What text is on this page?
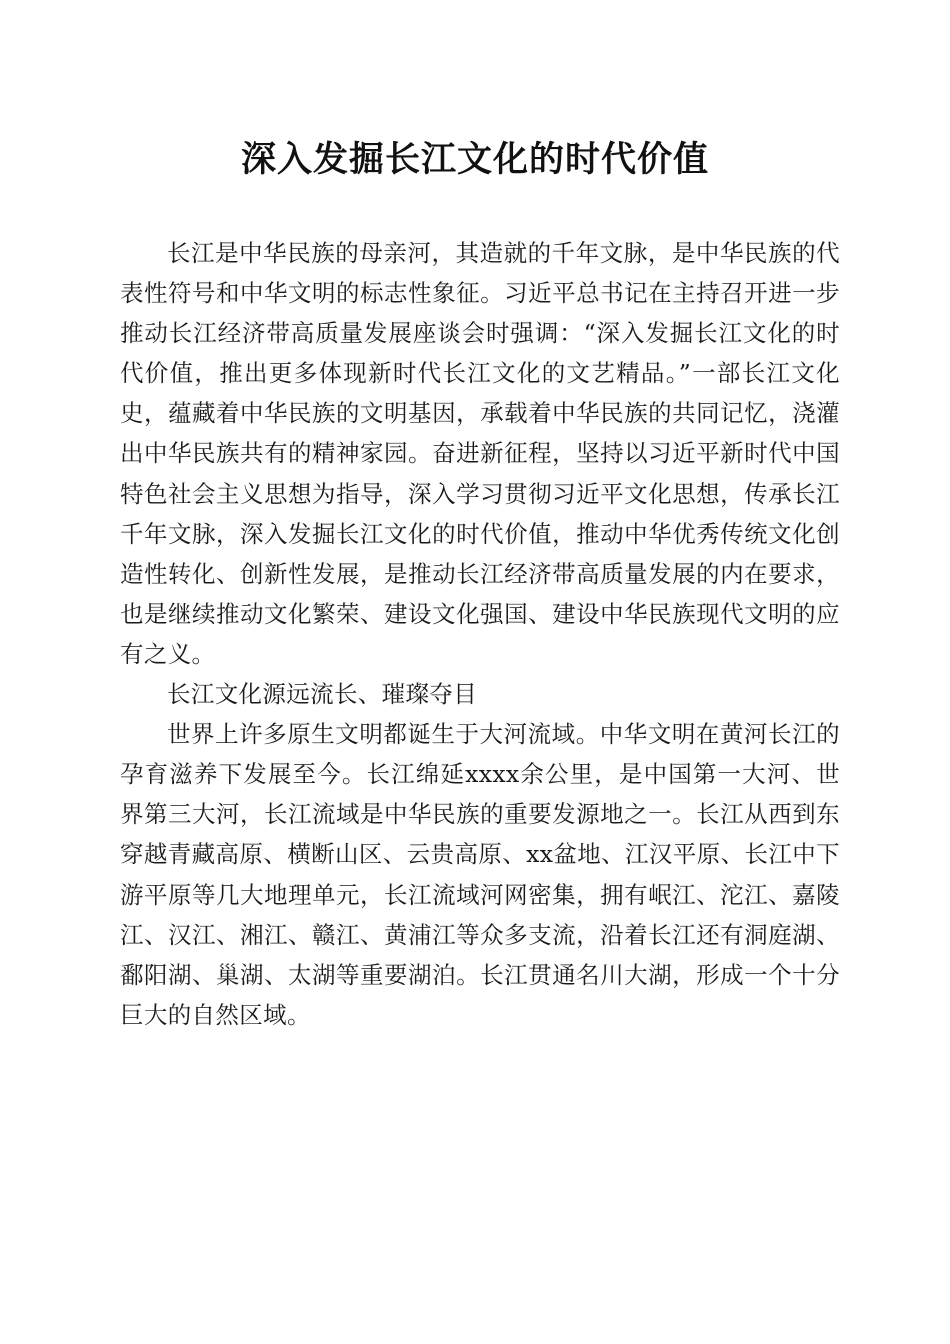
深入发掘长江文化的时代价值

长江是中华民族的母亲河，其造就的千年文脉，是中华民族的代表性符号和中华文明的标志性象征。习近平总书记在主持召开进一步推动长江经济带高质量发展座谈会时强调：“深入发掘长江文化的时代价值，推出更多体现新时代长江文化的文艺精品。”一部长江文化史，蕴藏着中华民族的文明基因，承载着中华民族的共同记忆，浇灌出中华民族共有的精神家园。奋进新征程，坚持以习近平新时代中国特色社会主义思想为指导，深入学习贯彻习近平文化思想，传承长江千年文脉，深入发掘长江文化的时代价值，推动中华优秀传统文化创造性转化、创新性发展，是推动长江经济带高质量发展的内在要求，也是继续推动文化繁荣、建设文化强国、建设中华民族现代文明的应有之义。

长江文化源远流长、璀璨夺目

世界上许多原生文明都诞生于大河流域。中华文明在黄河长江的孕育滋养下发展至今。长江绵延xxxx余公里，是中国第一大河、世界第三大河，长江流域是中华民族的重要发源地之一。长江从西到东穿越青藏高原、横断山区、云贵高原、xx盆地、江汉平原、长江中下游平原等几大地理单元，长江流域河网密集，拥有岷江、沱江、嘉陵江、汉江、湘江、赣江、黄浦江等众多支流，沿着长江还有洞庭湖、鄱阳湖、巢湖、太湖等重要湖泊。长江贯通名川大湖，形成一个十分巨大的自然区域。
